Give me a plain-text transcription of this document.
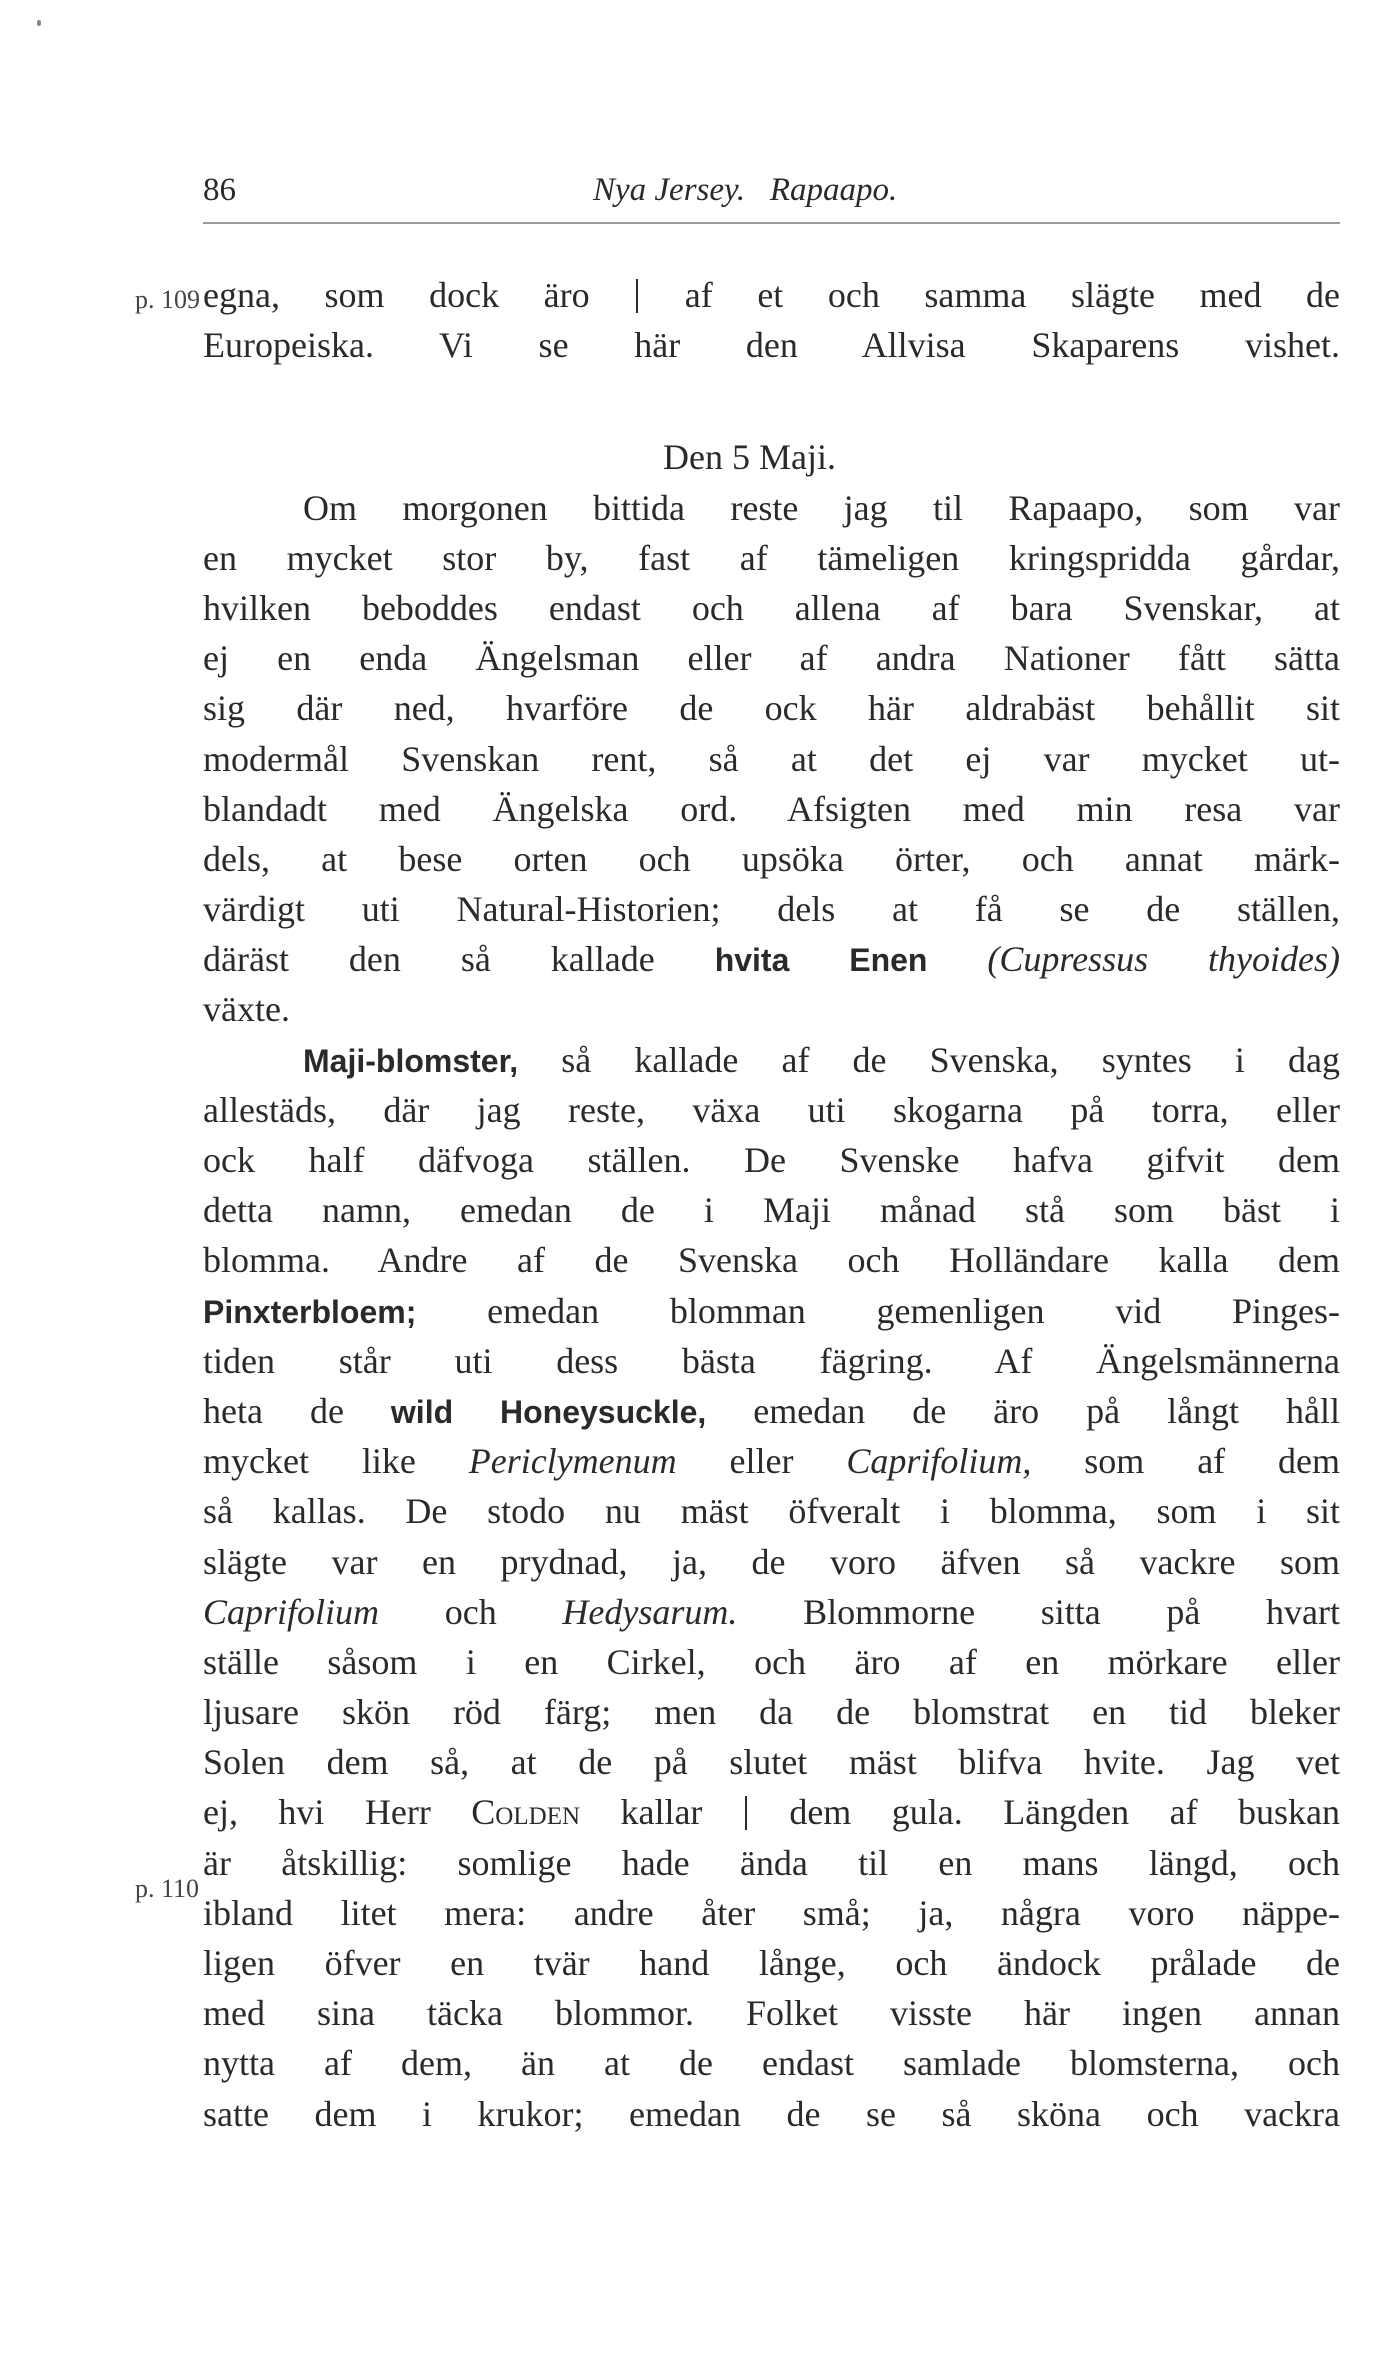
86	Nya Jersey.   Rapaapo.
p. 109
p. 110
egna, som dock äro	af et och samma slägte med de
Europeiska. Vi se här den Allvisa Skaparens vishet.
Den 5 Maji.
Om morgonen bittida reste jag til Rapaapo, som var
en mycket stor by, fast af tämeligen kringspridda gårdar,
hvilken beboddes endast och allena af bara Svenskar, at
ej en enda Ängelsman eller af andra Nationer fått sätta
sig där ned, hvarföre de ock här aldrabäst behållit sit
modermål Svenskan rent, så at det ej var mycket ut-
blandadt med Ängelska ord. Afsigten med min resa var
dels, at bese orten och upsöka örter, och annat märk-
värdigt uti Natural-Historien; dels at få se de ställen,
däräst den så kallade hvita Enen (Cupressus thyoides)
växte.
Maji-blomster, så kallade af de Svenska, syntes i dag
allestäds, där jag reste, växa uti skogarna på torra, eller
ock half däfvoga ställen. De Svenske hafva gifvit dem
detta namn, emedan de i Maji månad stå som bäst i
blomma. Andre af de Svenska och Holländare kalla dem
Pinxterbloem; emedan blomman gemenligen vid Pinges-
tiden står uti dess bästa fägring. Af Ängelsmännerna
heta de wild Honeysuckle, emedan de äro på långt håll
mycket like Periclymenum eller Caprifolium, som af dem
så kallas. De stodo nu mäst öfveralt i blomma, som i sit
slägte var en prydnad, ja, de voro äfven så vackre som
Caprifolium och Hedysarum. Blommorne sitta på hvart
ställe såsom i en Cirkel, och äro af en mörkare eller
ljusare skön röd färg; men da de blomstrat en tid bleker
Solen dem så, at de på slutet mäst blifva hvite. Jag vet
ej, hvi Herr Colden kallar dem gula. Längden af buskan
är åtskillig: somlige hade ända til en mans längd, och
ibland litet mera: andre åter små; ja, några voro näppe-
ligen öfver en tvär hand långe, och ändock prålade de
med sina täcka blommor. Folket visste här ingen annan
nytta af dem, än at de endast samlade blomsterna, och
satte dem i krukor; emedan de se så sköna och vackra
